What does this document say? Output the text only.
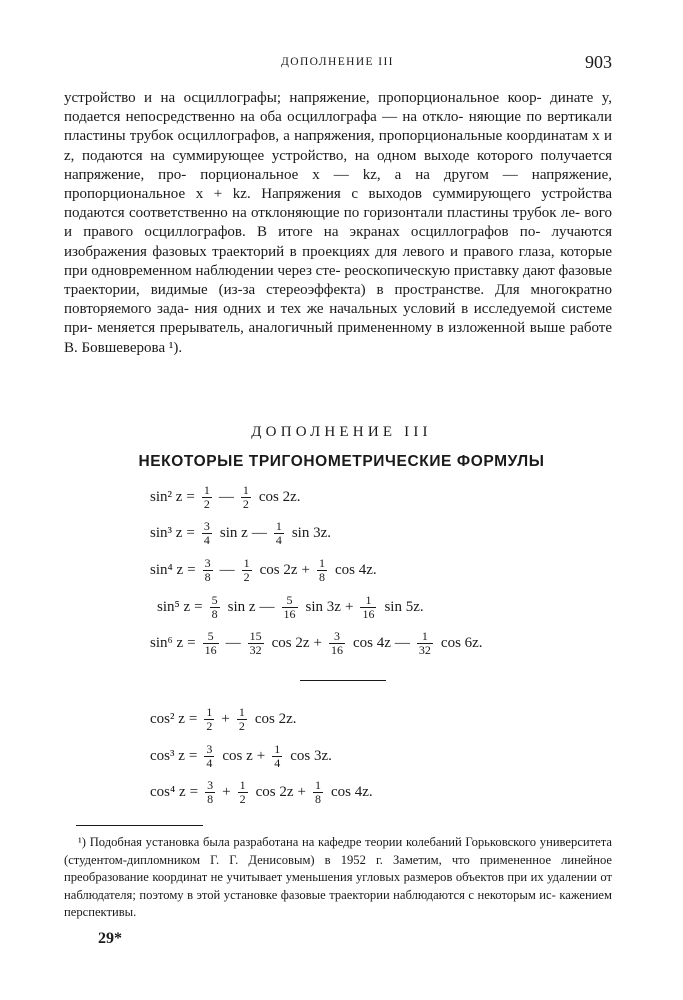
ДОПОЛНЕНИЕ III	903

устройство и на осциллографы; напряжение, пропорциональное коор- динате y, подается непосредственно на оба осциллографа — на откло- няющие по вертикали пластины трубок осциллографов, а напряжения, пропорциональные координатам x и z, подаются на суммирующее устройство, на одном выходе которого получается напряжение, про- порциональное x — kz, а на другом — напряжение, пропорциональное x + kz. Напряжения с выходов суммирующего устройства подаются соответственно на отклоняющие по горизонтали пластины трубок ле- вого и правого осциллографов. В итоге на экранах осциллографов по- лучаются изображения фазовых траекторий в проекциях для левого и правого глаза, которые при одновременном наблюдении через сте- реоскопическую приставку дают фазовые траектории, видимые (из-за стереоэффекта) в пространстве. Для многократно повторяемого зада- ния одних и тех же начальных условий в исследуемой системе при- меняется прерыватель, аналогичный примененному в изложенной выше работе В. Бовшеверова ¹).

ДОПОЛНЕНИЕ III
НЕКОТОРЫЕ ТРИГОНОМЕТРИЧЕСКИЕ ФОРМУЛЫ
sin² $z = \frac{1}{2}$ — $\frac{1}{2}$ cos 2z.
sin³ $z = \frac{3}{4}$ sin z — $\frac{1}{4}$ sin 3z.
sin⁴ $z = \frac{3}{8}$ — $\frac{1}{2}$ $\cos 2z + \frac{1}{8}$ cos 4z.
sin⁵ $z = \frac{5}{8}$ sin z — $\frac{5}{16}$ $\sin 3z + \frac{1}{16}$ sin 5z.
sin⁶ $z = \frac{5}{16}$ — $\frac{15}{32}$ $\cos 2z + \frac{3}{16}$ cos 4z — $\frac{1}{32}$ cos 6z.
cos² $z = \frac{1}{2} + \frac{1}{2}$ cos 2z.
cos³ $z = \frac{3}{4}$ $\cos z + \frac{1}{4}$ cos 3z.
cos⁴ $z = \frac{3}{8} + \frac{1}{2}$ $\cos 2z + \frac{1}{8}$ cos 4z.

¹) Подобная установка была разработана на кафедре теории колебаний Горьковского университета (студентом-дипломником Г. Г. Денисовым) в 1952 г. Заметим, что примененное линейное преобразование координат не учитывает уменьшения угловых размеров объектов при их удалении от наблюдателя; поэтому в этой установке фазовые траектории наблюдаются с некоторым ис- кажением перспективы.

29*
